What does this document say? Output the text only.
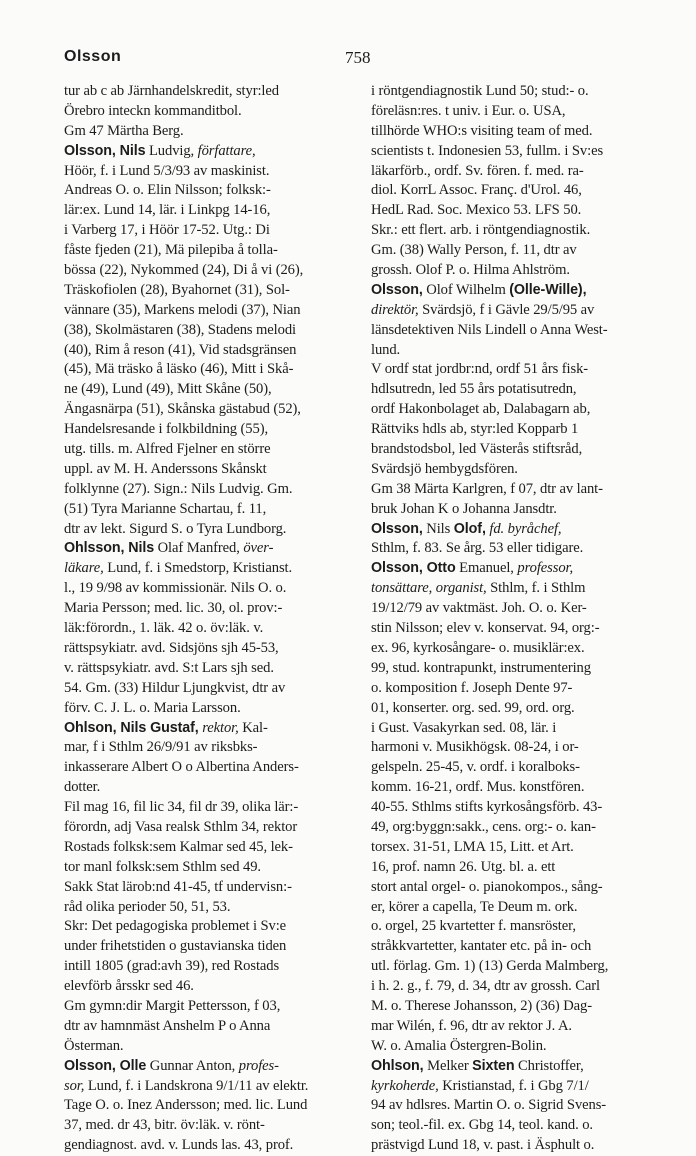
Olsson	758
tur ab c ab Järnhandelskredit, styr:led
Örebro inteckn kommanditbol.
Gm 47 Märtha Berg.
Olsson, Nils Ludvig, författare,
Höör, f. i Lund 5/3/93 av maskinist.
Andreas O. o. Elin Nilsson; folksk:-
lär:ex. Lund 14, lär. i Linkpg 14-16,
i Varberg 17, i Höör 17-52. Utg.: Di
fåste fjeden (21), Mä pilepiba å tolla-
bössa (22), Nykommed (24), Di å vi (26),
Träskofiolen (28), Byahornet (31), Sol-
vännare (35), Markens melodi (37), Nian
(38), Skolmästaren (38), Stadens melodi
(40), Rim å reson (41), Vid stadsgränsen
(45), Mä träsko å läsko (46), Mitt i Skå-
ne (49), Lund (49), Mitt Skåne (50),
Ängasnärpa (51), Skånska gästabud (52),
Handelsresande i folkbildning (55),
utg. tills. m. Alfred Fjelner en större
uppl. av M. H. Anderssons Skånskt
folklynne (27). Sign.: Nils Ludvig. Gm.
(51) Tyra Marianne Schartau, f. 11,
dtr av lekt. Sigurd S. o Tyra Lundborg.
Ohlsson, Nils Olaf Manfred, över-
läkare, Lund, f. i Smedstorp, Kristianst.
l., 19 9/98 av kommissionär. Nils O. o.
Maria Persson; med. lic. 30, ol. prov:-
läk:förordn., 1. läk. 42 o. öv:läk. v.
rättspsykiatr. avd. Sidsjöns sjh 45-53,
v. rättspsykiatr. avd. S:t Lars sjh sed.
54. Gm. (33) Hildur Ljungkvist, dtr av
förv. C. J. L. o. Maria Larsson.
Ohlson, Nils Gustaf, rektor, Kal-
mar, f i Sthlm 26/9/91 av riksbks-
inkasserare Albert O o Albertina Anders-
dotter.
Fil mag 16, fil lic 34, fil dr 39, olika lär:-
förordn, adj Vasa realsk Sthlm 34, rektor
Rostads folksk:sem Kalmar sed 45, lek-
tor manl folksk:sem Sthlm sed 49.
Sakk Stat lärob:nd 41-45, tf undervisn:-
råd olika perioder 50, 51, 53.
Skr: Det pedagogiska problemet i Sv:e
under frihetstiden o gustavianska tiden
intill 1805 (grad:avh 39), red Rostads
elevförb årsskr sed 46.
Gm gymn:dir Margit Pettersson, f 03,
dtr av hamnmäst Anshelm P o Anna
Österman.
Olsson, Olle Gunnar Anton, profes-
sor, Lund, f. i Landskrona 9/1/11 av elektr.
Tage O. o. Inez Andersson; med. lic. Lund
37, med. dr 43, bitr. öv:läk. v. rönt-
gendiagnost. avd. v. Lunds las. 43, prof.
i röntgendiagnostik Lund 50; stud:- o.
föreläsn:res. t univ. i Eur. o. USA,
tillhörde WHO:s visiting team of med.
scientists t. Indonesien 53, fullm. i Sv:es
läkarförb., ordf. Sv. fören. f. med. ra-
diol. KorrL Assoc. Franç. d'Urol. 46,
HedL Rad. Soc. Mexico 53. LFS 50.
Skr.: ett flert. arb. i röntgendiagnostik.
Gm. (38) Wally Person, f. 11, dtr av
grossh. Olof P. o. Hilma Ahlström.
Olsson, Olof Wilhelm (Olle-Wille),
direktör, Svärdsjö, f i Gävle 29/5/95 av
länsdetektiven Nils Lindell o Anna West-
lund.
V ordf stat jordbr:nd, ordf 51 års fisk-
hdlsutredn, led 55 års potatisutredn,
ordf Hakonbolaget ab, Dalabagarn ab,
Rättviks hdls ab, styr:led Kopparb 1
brandstodsbol, led Västerås stiftsråd,
Svärdsjö hembygdsfören.
Gm 38 Märta Karlgren, f 07, dtr av lant-
bruk Johan K o Johanna Jansdtr.
Olsson, Nils Olof, fd. byråchef,
Sthlm, f. 83. Se årg. 53 eller tidigare.
Olsson, Otto Emanuel, professor,
tonsättare, organist, Sthlm, f. i Sthlm
19/12/79 av vaktmäst. Joh. O. o. Ker-
stin Nilsson; elev v. konservat. 94, org:-
ex. 96, kyrkosångare- o. musiklär:ex.
99, stud. kontrapunkt, instrumentering
o. komposition f. Joseph Dente 97-
01, konserter. org. sed. 99, ord. org.
i Gust. Vasakyrkan sed. 08, lär. i
harmoni v. Musikhögsk. 08-24, i or-
gelspeln. 25-45, v. ordf. i koralboks-
komm. 16-21, ordf. Mus. konstfören.
40-55. Sthlms stifts kyrkosångsförb. 43-
49, org:byggn:sakk., cens. org:- o. kan-
torsex. 31-51, LMA 15, Litt. et Art.
16, prof. namn 26. Utg. bl. a. ett
stort antal orgel- o. pianokompos., sång-
er, körer a capella, Te Deum m. ork.
o. orgel, 25 kvartetter f. mansröster,
stråkkvartetter, kantater etc. på in- och
utl. förlag. Gm. 1) (13) Gerda Malmberg,
i h. 2. g., f. 79, d. 34, dtr av grossh. Carl
M. o. Therese Johansson, 2) (36) Dag-
mar Wilén, f. 96, dtr av rektor J. A.
W. o. Amalia Östergren-Bolin.
Ohlson, Melker Sixten Christoffer,
kyrkoherde, Kristianstad, f. i Gbg 7/1/
94 av hdlsres. Martin O. o. Sigrid Svens-
son; teol.-fil. ex. Gbg 14, teol. kand. o.
prästvigd Lund 18, v. past. i Äsphult o.
